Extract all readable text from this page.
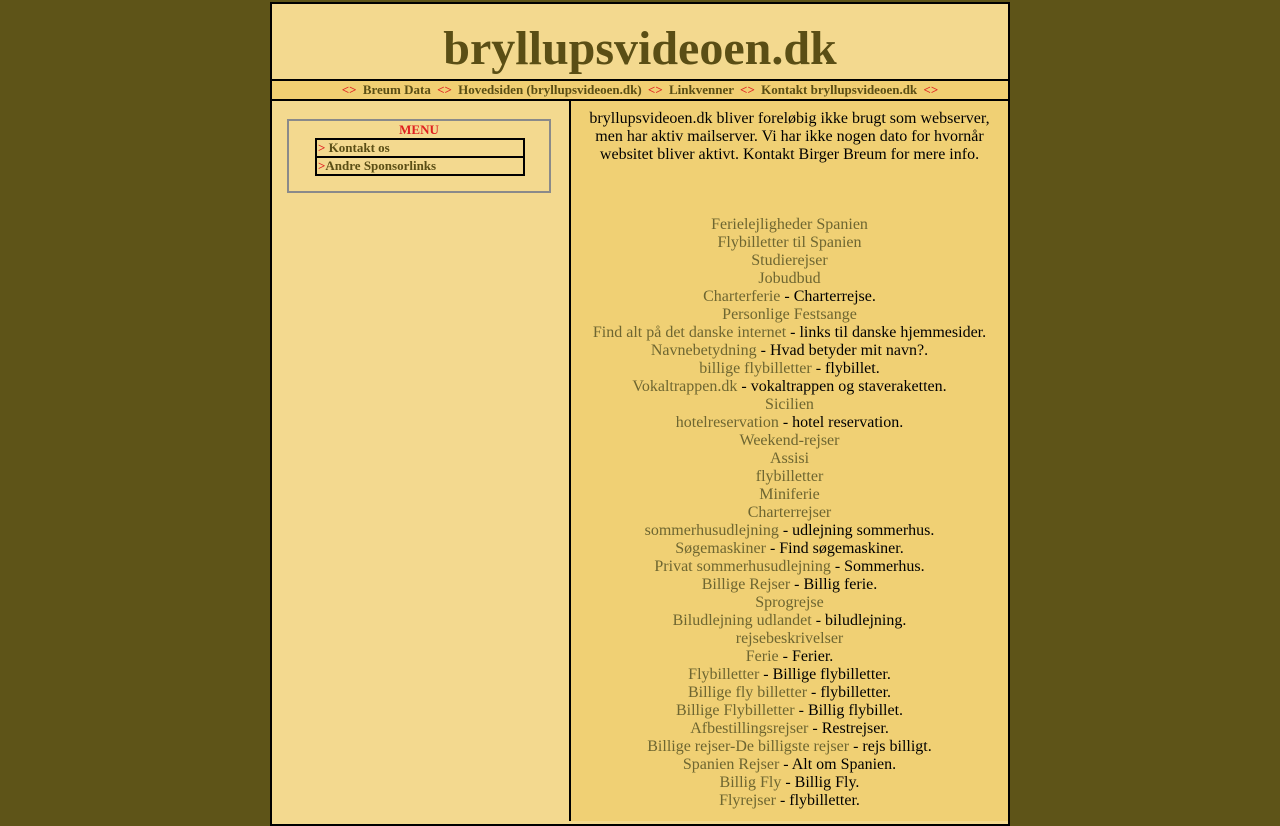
bryllupsvideoen.dk
<> Breum Data <> Hovedsiden (bryllupsvideoen.dk) <> Linkvenner <> Kontakt bryllupsvideoen.dk <>
MENU
> Kontakt os
>Andre Sponsorlinks
bryllupsvideoen.dk bliver foreløbig ikke brugt som webserver, men har aktiv mailserver. Vi har ikke nogen dato for hvornår websitet bliver aktivt. Kontakt Birger Breum for mere info.
Ferielejligheder Spanien
Flybilletter til Spanien
Studierejser
Jobudbud
Charterferie - Charterrejse.
Personlige Festsange
Find alt på det danske internet - links til danske hjemmesider.
Navnebetydning - Hvad betyder mit navn?.
billige flybilletter - flybillet.
Vokaltrappen.dk - vokaltrappen og staveraketten.
Sicilien
hotelreservation - hotel reservation.
Weekend-rejser
Assisi
flybilletter
Miniferie
Charterrejser
sommerhusudlejning - udlejning sommerhus.
Søgemaskiner - Find søgemaskiner.
Privat sommerhusudlejning - Sommerhus.
Billige Rejser - Billig ferie.
Sprogrejse
Biludlejning udlandet - biludlejning.
rejsebeskrivelser
Ferie - Ferier.
Flybilletter - Billige flybilletter.
Billige fly billetter - flybilletter.
Billige Flybilletter - Billig flybillet.
Afbestillingsrejser - Restrejser.
Billige rejser-De billigste rejser - rejs billigt.
Spanien Rejser - Alt om Spanien.
Billig Fly - Billig Fly.
Flyrejser - flybilletter.
